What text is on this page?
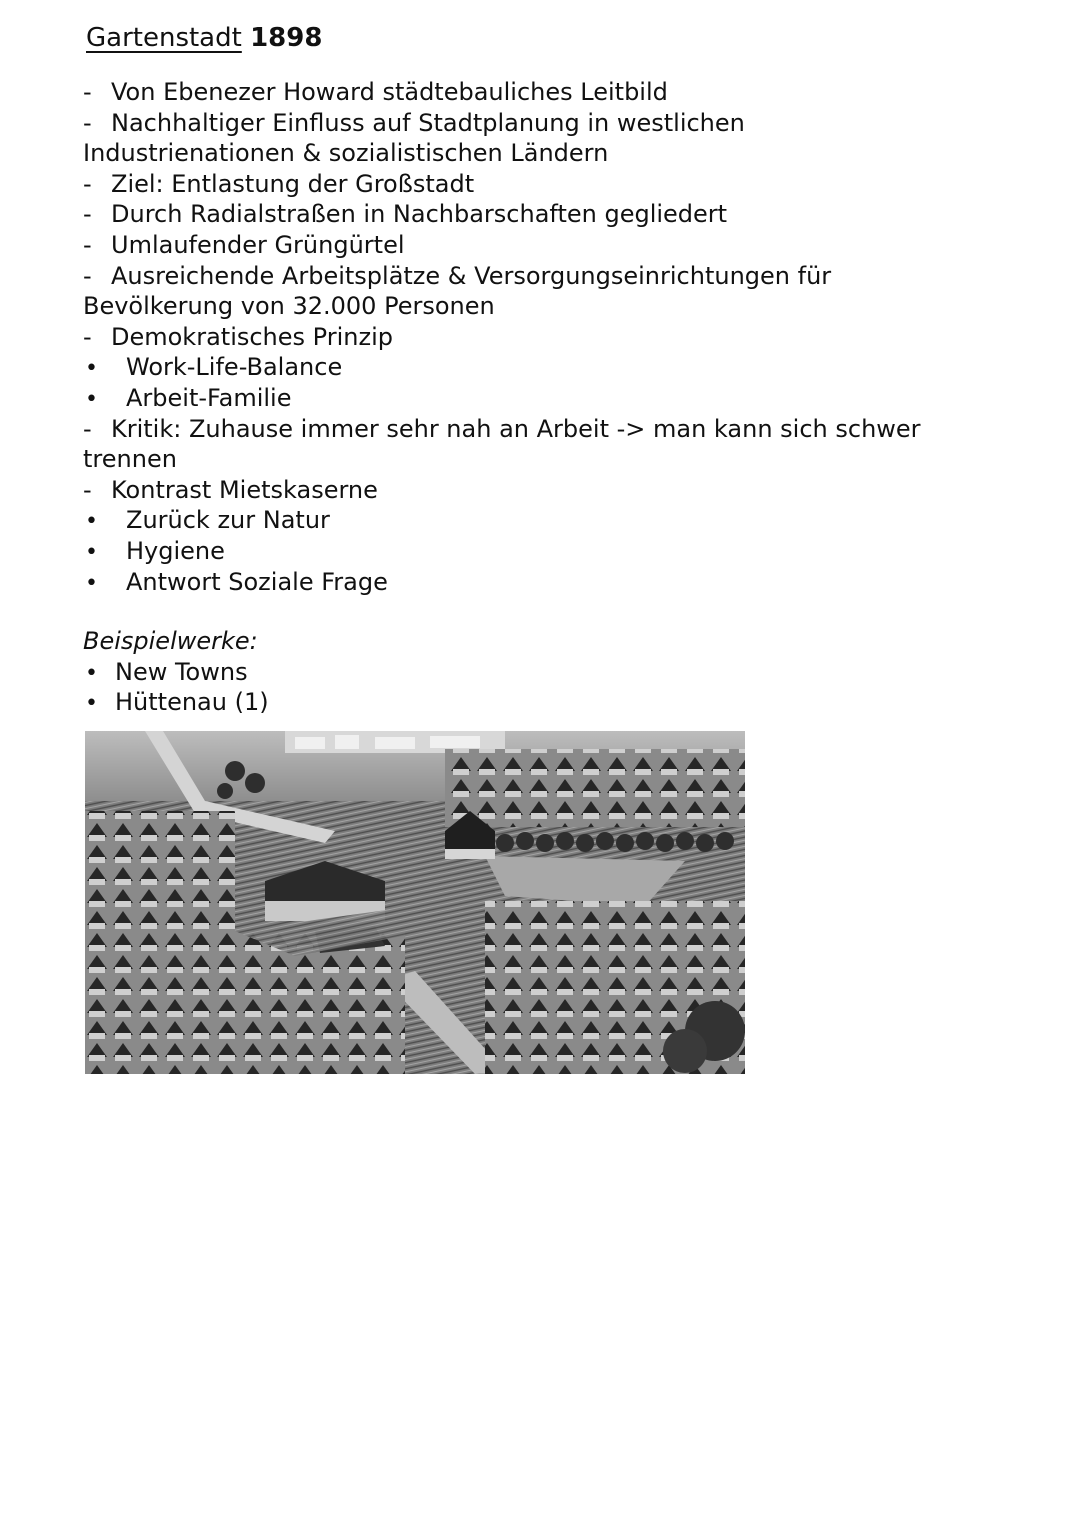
Gartenstadt 1898
- Von Ebenezer Howard städtebauliches Leitbild
- Nachhaltiger Einfluss auf Stadtplanung in westlichen
Industrienationen & sozialistischen Ländern
- Ziel: Entlastung der Großstadt
- Durch Radialstraßen in Nachbarschaften gegliedert
- Umlaufender Grüngürtel
- Ausreichende Arbeitsplätze & Versorgungseinrichtungen für
Bevölkerung von 32.000 Personen
- Demokratisches Prinzip
• Work-Life-Balance
• Arbeit-Familie
- Kritik: Zuhause immer sehr nah an Arbeit -> man kann sich schwer
trennen
- Kontrast Mietskaserne
• Zurück zur Natur
• Hygiene
• Antwort Soziale Frage
Beispielwerke:
• New Towns
• Hüttenau (1)
